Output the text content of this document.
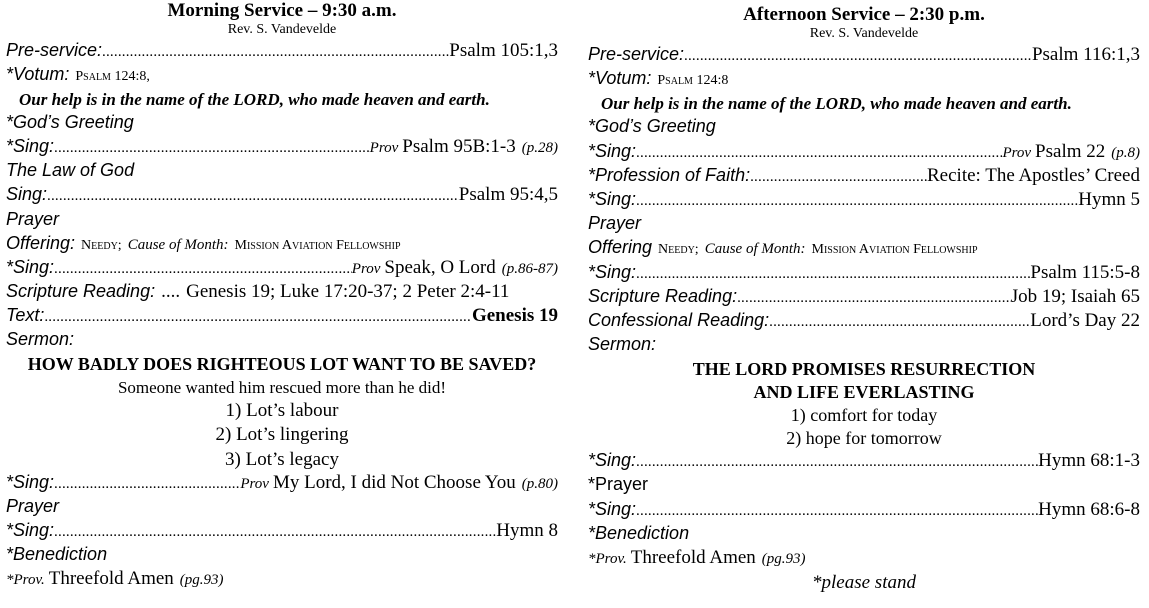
Morning Service – 9:30 a.m.
Rev. S. Vandevelde
Pre-service: .....	Psalm 105:1,3
*Votum: Psalm 124:8,
Our help is in the name of the LORD, who made heaven and earth.
*God’s Greeting
*Sing: .....	Prov Psalm 95B:1-3 (p.28)
The Law of God
Sing: .....	Psalm 95:4,5
Prayer
Offering: Needy; Cause of Month: Mission Aviation Fellowship
*Sing: .....	Prov Speak, O Lord (p.86-87)
Scripture Reading: .... Genesis 19; Luke 17:20-37; 2 Peter 2:4-11
Text: .....	Genesis 19
Sermon:
HOW BADLY DOES RIGHTEOUS LOT WANT TO BE SAVED?
Someone wanted him rescued more than he did!
1) Lot’s labour
2) Lot’s lingering
3) Lot’s legacy
*Sing: .....	Prov My Lord, I did Not Choose You (p.80)
Prayer
*Sing: .....	Hymn 8
*Benediction
*Prov. Threefold Amen (pg.93)
Afternoon Service – 2:30 p.m.
Rev. S. Vandevelde
Pre-service: .....	Psalm 116:1,3
*Votum: Psalm 124:8
Our help is in the name of the LORD, who made heaven and earth.
*God’s Greeting
*Sing: .....	Prov Psalm 22 (p.8)
*Profession of Faith: .....	Recite: The Apostles’ Creed
*Sing: .....	Hymn 5
Prayer
Offering Needy; Cause of Month: Mission Aviation Fellowship
*Sing: .....	Psalm 115:5-8
Scripture Reading: .....	Job 19; Isaiah 65
Confessional Reading: .....	Lord’s Day 22
Sermon:
THE LORD PROMISES RESURRECTION
AND LIFE EVERLASTING
1) comfort for today
2) hope for tomorrow
*Sing: .....	Hymn 68:1-3
*Prayer
*Sing: .....	Hymn 68:6-8
*Benediction
*Prov. Threefold Amen (pg.93)
*please stand
